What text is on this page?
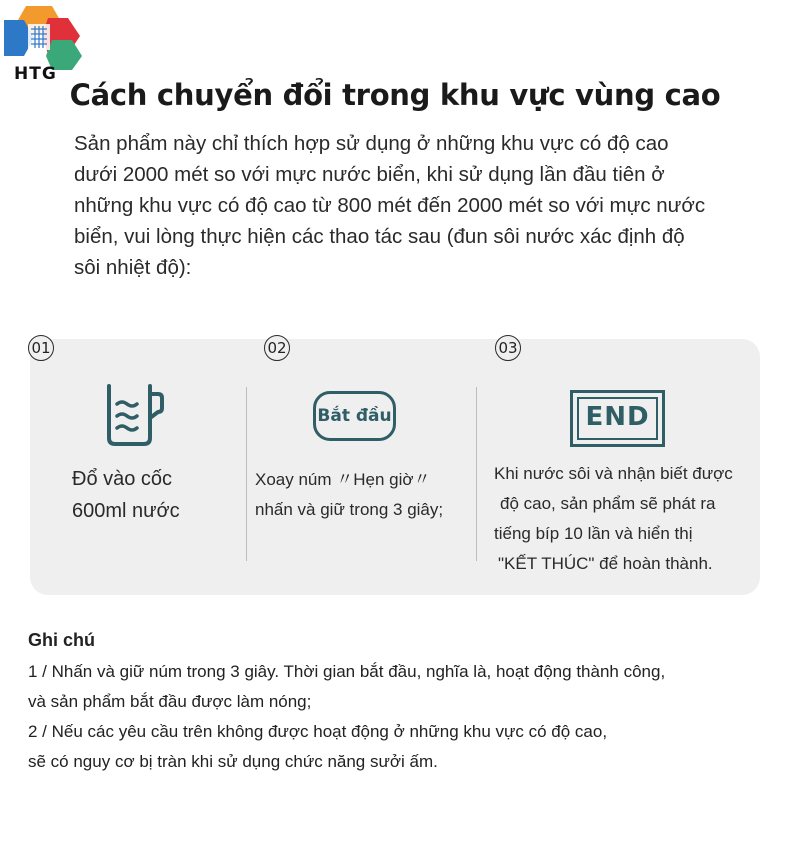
HTG
Cách chuyển đổi trong khu vực vùng cao
Sản phẩm này chỉ thích hợp sử dụng ở những khu vực có độ cao
dưới 2000 mét so với mực nước biển, khi sử dụng lần đầu tiên ở
những khu vực có độ cao từ 800 mét đến 2000 mét so với mực nước
biển, vui lòng thực hiện các thao tác sau (đun sôi nước xác định độ
sôi nhiệt độ):
01	02	03
Đổ vào cốc
600ml nước
Bắt đầu
Xoay núm 〃Hẹn giờ〃
nhấn và giữ trong 3 giây;
END
Khi nước sôi và nhận biết được
độ cao, sản phẩm sẽ phát ra
tiếng bíp 10 lần và hiển thị
"KẾT THÚC" để hoàn thành.
Ghi chú
1 / Nhấn và giữ núm trong 3 giây. Thời gian bắt đầu, nghĩa là, hoạt động thành công,
và sản phẩm bắt đầu được làm nóng;
2 / Nếu các yêu cầu trên không được hoạt động ở những khu vực có độ cao,
sẽ có nguy cơ bị tràn khi sử dụng chức năng sưởi ấm.
